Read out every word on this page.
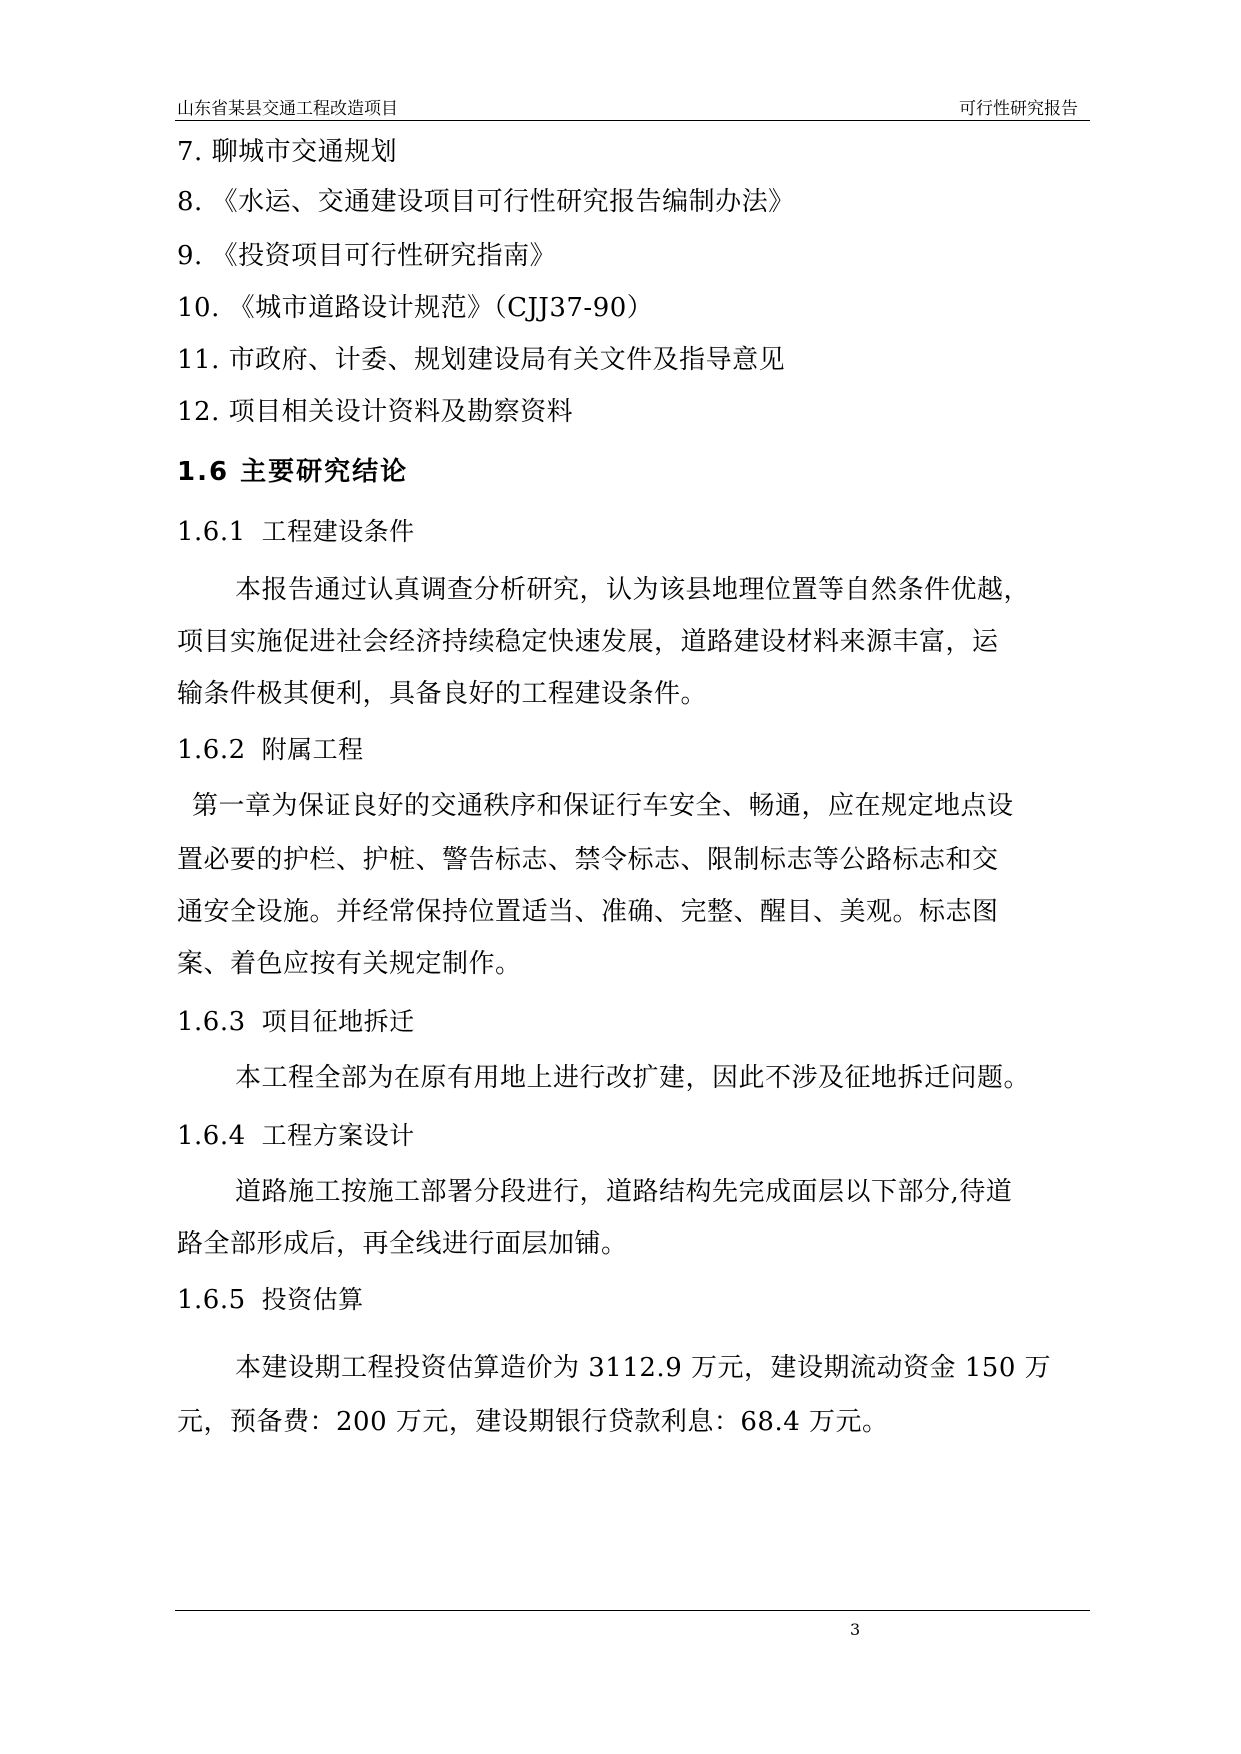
山东省某县交通工程改造项目	可行性研究报告
7. 聊城市交通规划
8. 《水运、交通建设项目可行性研究报告编制办法》
9. 《投资项目可行性研究指南》
10. 《城市道路设计规范》（CJJ37-90）
11. 市政府、计委、规划建设局有关文件及指导意见
12. 项目相关设计资料及勘察资料
1.6 主要研究结论
1.6.1 工程建设条件
本报告通过认真调查分析研究，认为该县地理位置等自然条件优越，
项目实施促进社会经济持续稳定快速发展，道路建设材料来源丰富，运
输条件极其便利，具备良好的工程建设条件。
1.6.2 附属工程
第一章为保证良好的交通秩序和保证行车安全、畅通，应在规定地点设
置必要的护栏、护桩、警告标志、禁令标志、限制标志等公路标志和交
通安全设施。并经常保持位置适当、准确、完整、醒目、美观。标志图
案、着色应按有关规定制作。
1.6.3 项目征地拆迁
本工程全部为在原有用地上进行改扩建，因此不涉及征地拆迁问题。
1.6.4 工程方案设计
道路施工按施工部署分段进行，道路结构先完成面层以下部分,待道
路全部形成后，再全线进行面层加铺。
1.6.5 投资估算
本建设期工程投资估算造价为 3112.9 万元，建设期流动资金 150 万
元，预备费：200 万元，建设期银行贷款利息：68.4 万元。
3
